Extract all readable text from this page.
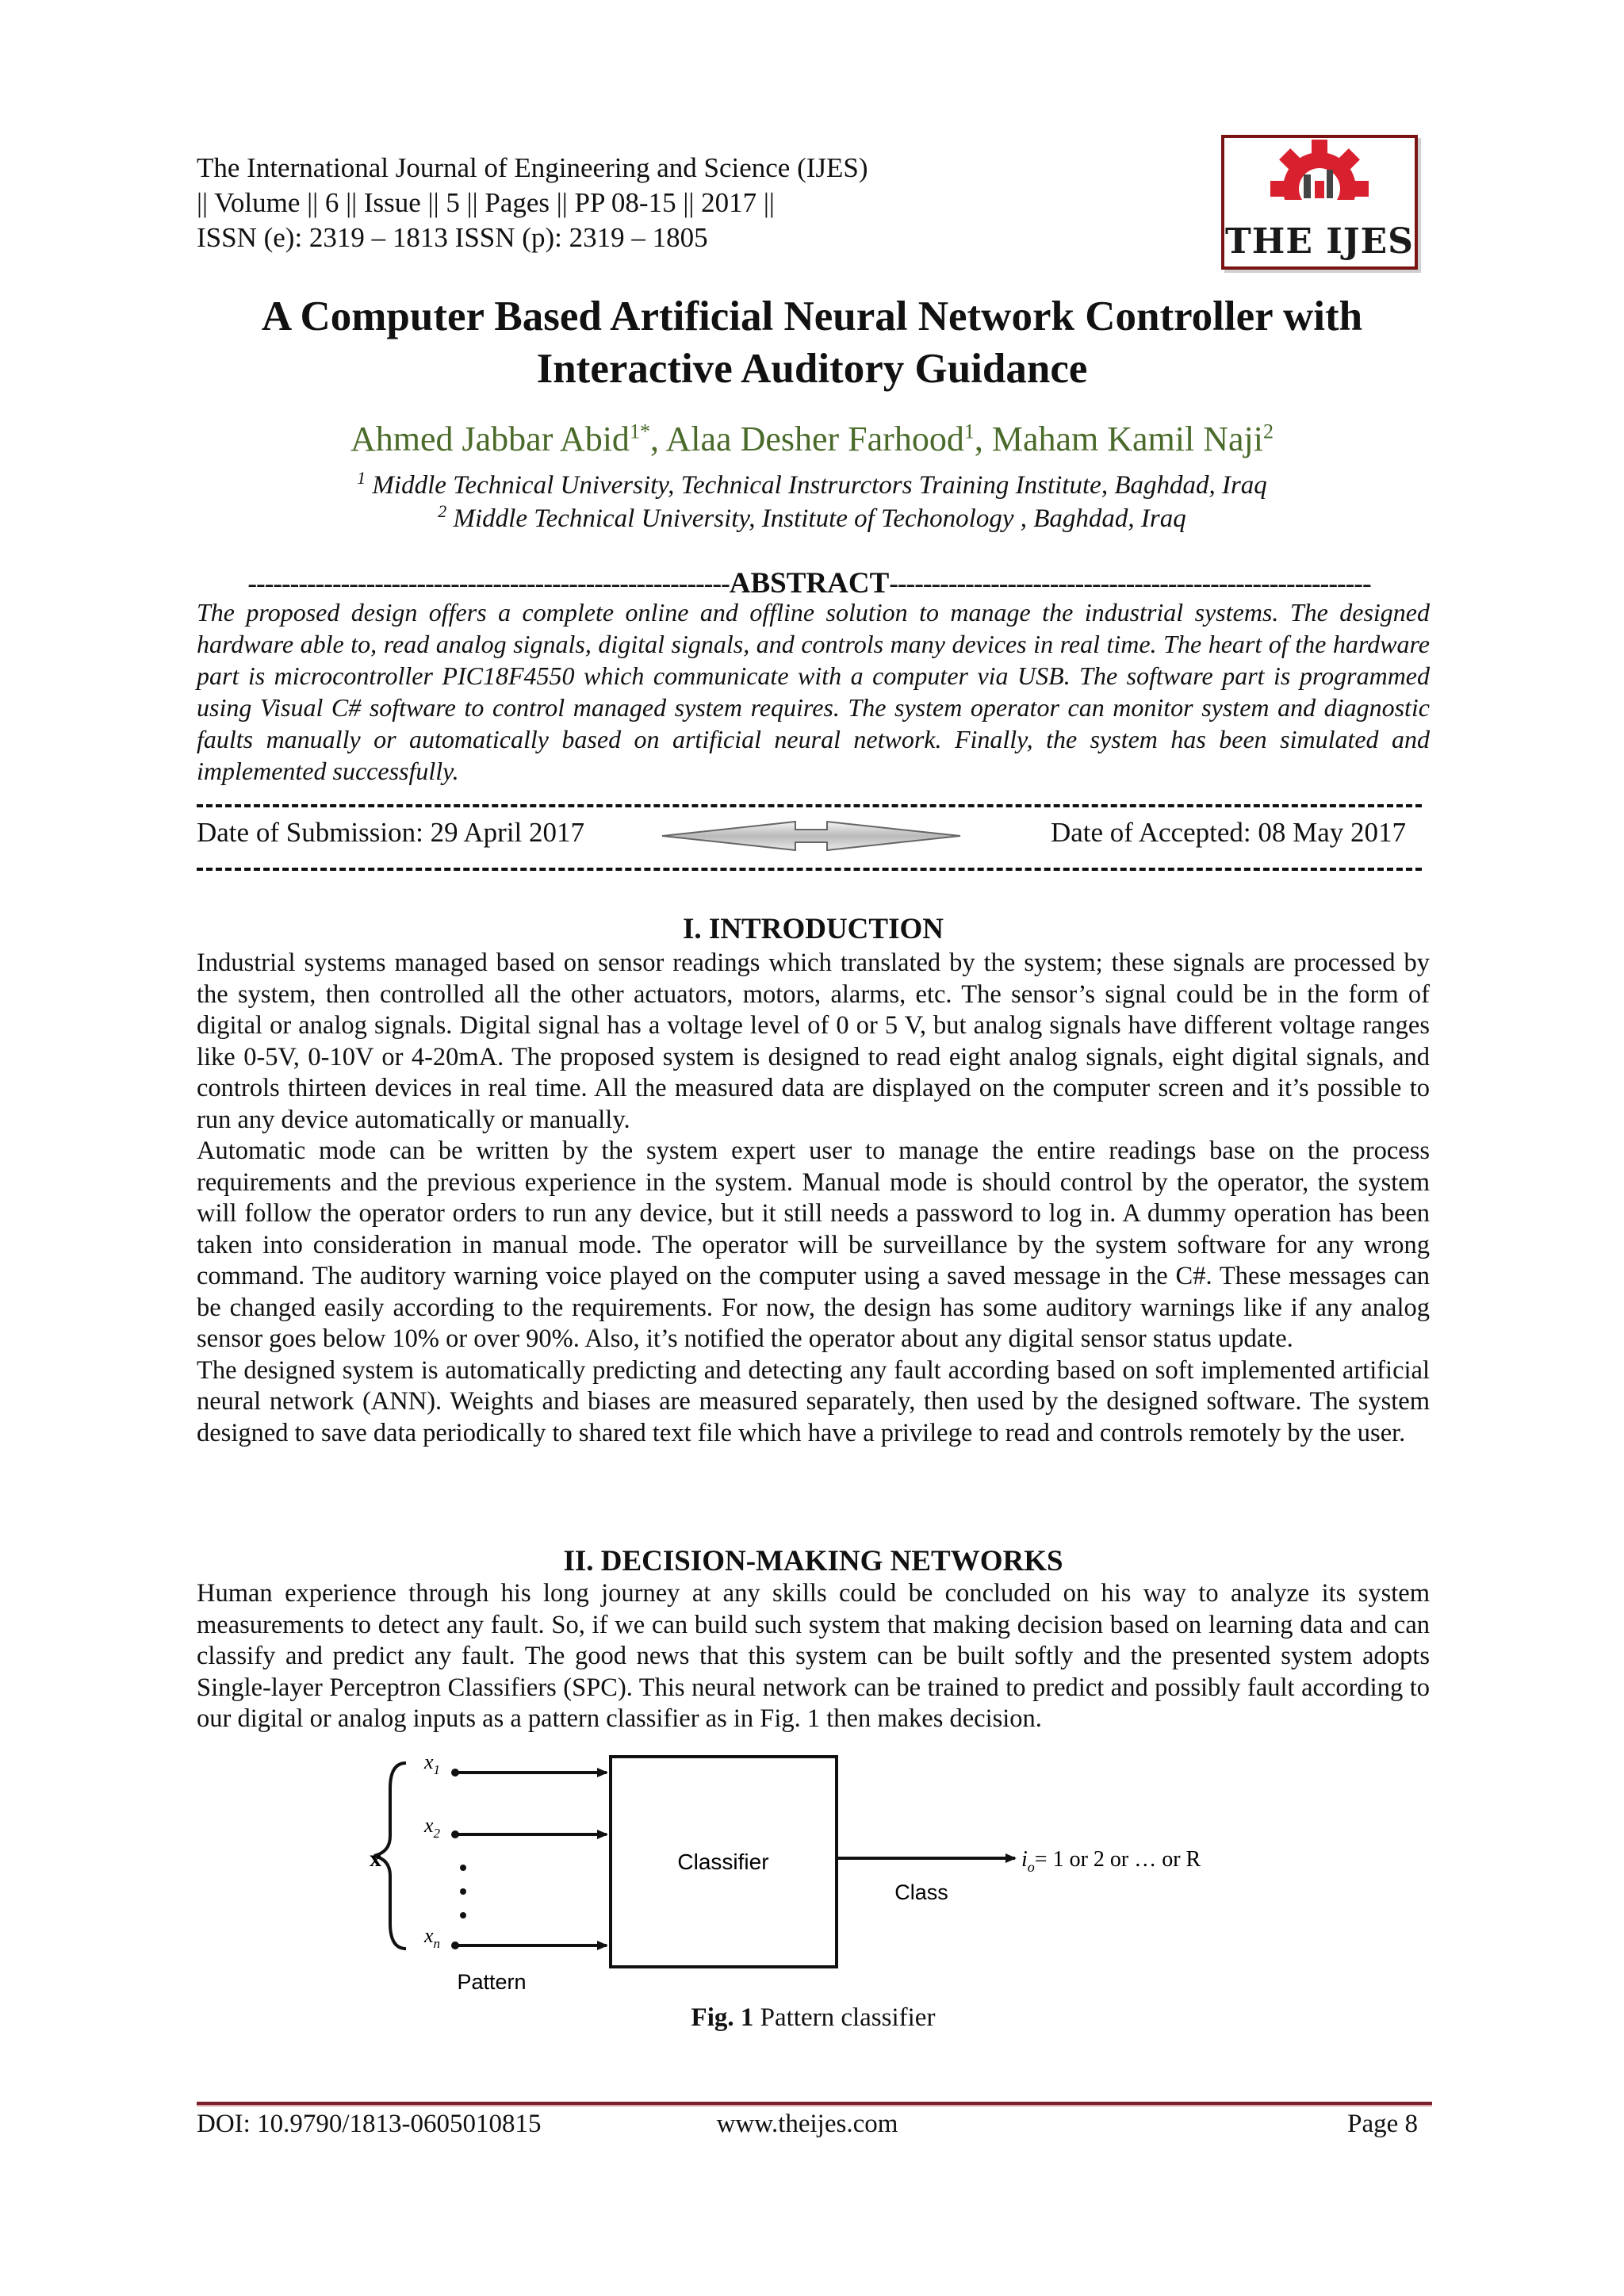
The International Journal of Engineering and Science (IJES)
|| Volume || 6 || Issue || 5 || Pages || PP 08-15 || 2017 ||
ISSN (e): 2319 – 1813 ISSN (p): 2319 – 1805	THE IJES
A Computer Based Artificial Neural Network Controller with
Interactive Auditory Guidance
Ahmed Jabbar Abid$^{1*}$, Alaa Desher Farhood$^1$, Maham Kamil Naji$^2$
$^1$ Middle Technical University, Technical Instrurctors Training Institute, Baghdad, Iraq
$^2$ Middle Technical University, Institute of Techonology , Baghdad, Iraq
---------------------------------------------------------ABSTRACT---------------------------------------------------------
The proposed design offers a complete online and offline solution to manage the industrial systems. The designed hardware able to, read analog signals, digital signals, and controls many devices in real time. The heart of the hardware part is microcontroller PIC18F4550 which communicate with a computer via USB. The software part is programmed using Visual C# software to control managed system requires. The system operator can monitor system and diagnostic faults manually or automatically based on artificial neural network. Finally, the system has been simulated and implemented successfully.
Date of Submission: 29 April 2017	Date of Accepted: 08 May 2017
I. INTRODUCTION

Industrial systems managed based on sensor readings which translated by the system; these signals are processed by the system, then controlled all the other actuators, motors, alarms, etc. The sensor’s signal could be in the form of digital or analog signals. Digital signal has a voltage level of 0 or 5 V, but analog signals have different voltage ranges like 0-5V, 0-10V or 4-20mA. The proposed system is designed to read eight analog signals, eight digital signals, and controls thirteen devices in real time. All the measured data are displayed on the computer screen and it’s possible to run any device automatically or manually.

Automatic mode can be written by the system expert user to manage the entire readings base on the process requirements and the previous experience in the system. Manual mode is should control by the operator, the system will follow the operator orders to run any device, but it still needs a password to log in. A dummy operation has been taken into consideration in manual mode. The operator will be surveillance by the system software for any wrong command. The auditory warning voice played on the computer using a saved message in the C#. These messages can be changed easily according to the requirements. For now, the design has some auditory warnings like if any analog sensor goes below 10% or over 90%. Also, it’s notified the operator about any digital sensor status update.

The designed system is automatically predicting and detecting any fault according based on soft implemented artificial neural network (ANN). Weights and biases are measured separately, then used by the designed software. The system designed to save data periodically to shared text file which have a privilege to read and controls remotely by the user.

II. DECISION-MAKING NETWORKS

Human experience through his long journey at any skills could be concluded on his way to analyze its system measurements to detect any fault. So, if we can build such system that making decision based on learning data and can classify and predict any fault. The good news that this system can be built softly and the presented system adopts Single-layer Perceptron Classifiers (SPC). This neural network can be trained to predict and possibly fault according to our digital or analog inputs as a pattern classifier as in Fig. 1 then makes decision.

x
$x_1$
$x_2$
$x_n$
Classifier
Class
$i_o= 1$ or 2 or … or R
Pattern
Fig. 1 Pattern classifier
DOI: 10.9790/1813-0605010815	www.theijes.com	Page 8
